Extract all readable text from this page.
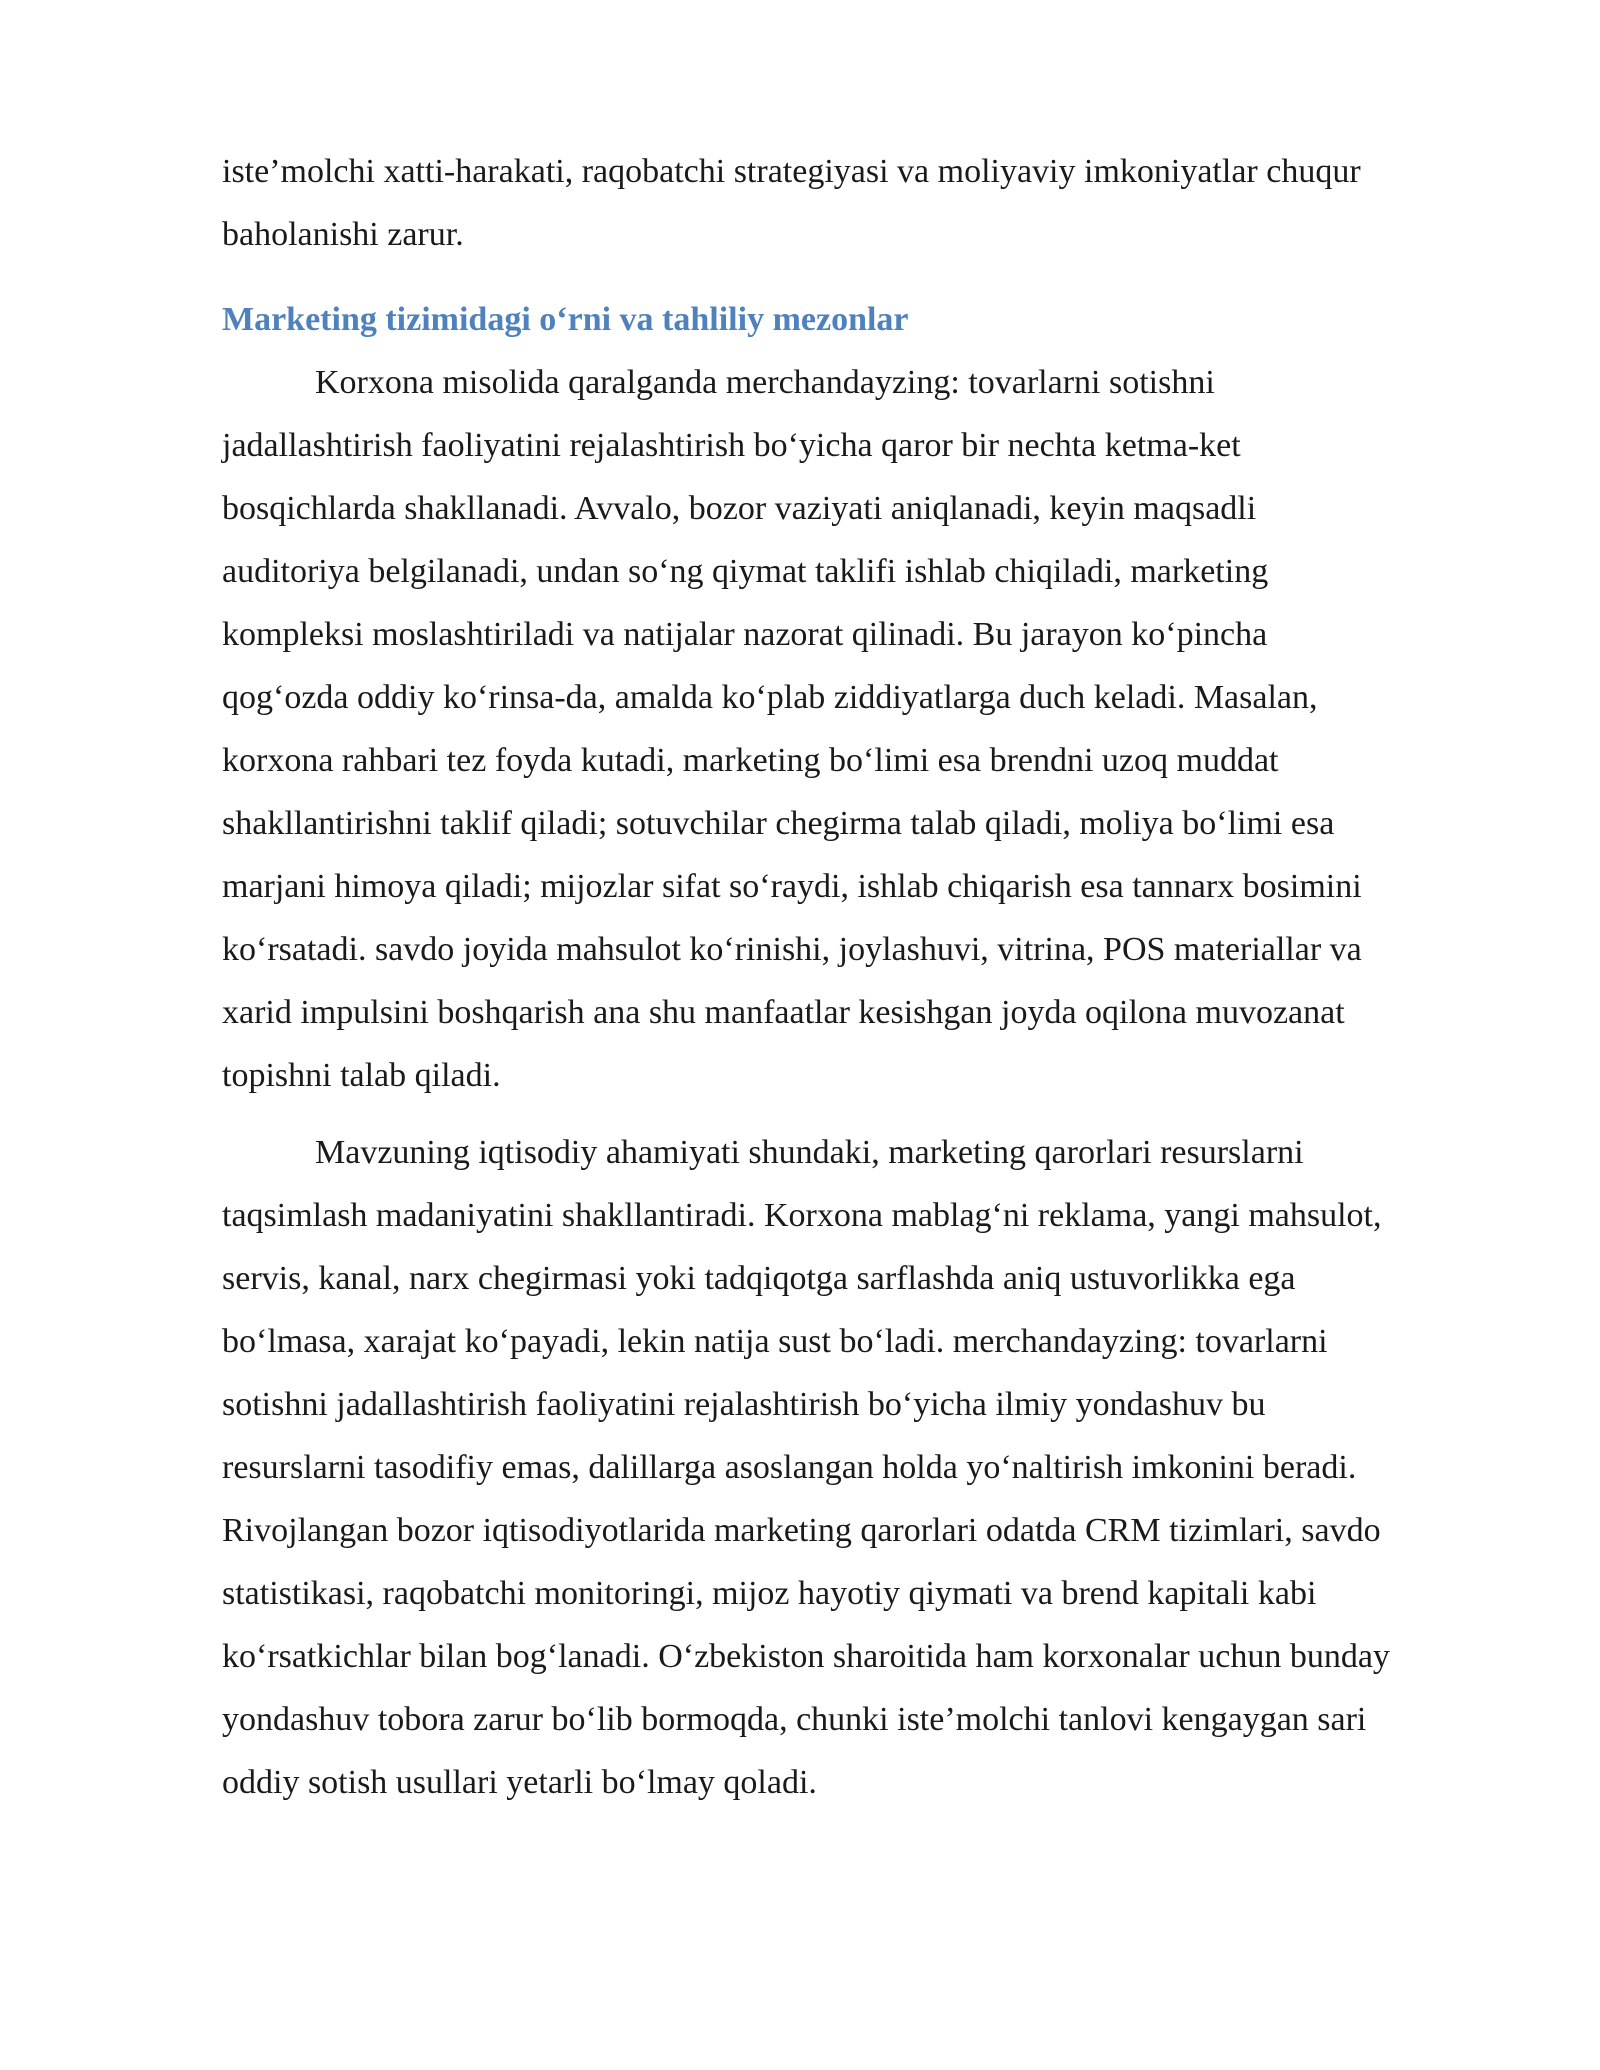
iste’molchi xatti-harakati, raqobatchi strategiyasi va moliyaviy imkoniyatlar chuqur
baholanishi zarur.

Marketing tizimidagi o‘rni va tahliliy mezonlar

Korxona misolida qaralganda merchandayzing: tovarlarni sotishni
jadallashtirish faoliyatini rejalashtirish bo‘yicha qaror bir nechta ketma-ket
bosqichlarda shakllanadi. Avvalo, bozor vaziyati aniqlanadi, keyin maqsadli
auditoriya belgilanadi, undan so‘ng qiymat taklifi ishlab chiqiladi, marketing
kompleksi moslashtiriladi va natijalar nazorat qilinadi. Bu jarayon ko‘pincha
qog‘ozda oddiy ko‘rinsa-da, amalda ko‘plab ziddiyatlarga duch keladi. Masalan,
korxona rahbari tez foyda kutadi, marketing bo‘limi esa brendni uzoq muddat
shakllantirishni taklif qiladi; sotuvchilar chegirma talab qiladi, moliya bo‘limi esa
marjani himoya qiladi; mijozlar sifat so‘raydi, ishlab chiqarish esa tannarx bosimini
ko‘rsatadi. savdo joyida mahsulot ko‘rinishi, joylashuvi, vitrina, POS materiallar va
xarid impulsini boshqarish ana shu manfaatlar kesishgan joyda oqilona muvozanat
topishni talab qiladi.

Mavzuning iqtisodiy ahamiyati shundaki, marketing qarorlari resurslarni
taqsimlash madaniyatini shakllantiradi. Korxona mablag‘ni reklama, yangi mahsulot,
servis, kanal, narx chegirmasi yoki tadqiqotga sarflashda aniq ustuvorlikka ega
bo‘lmasa, xarajat ko‘payadi, lekin natija sust bo‘ladi. merchandayzing: tovarlarni
sotishni jadallashtirish faoliyatini rejalashtirish bo‘yicha ilmiy yondashuv bu
resurslarni tasodifiy emas, dalillarga asoslangan holda yo‘naltirish imkonini beradi.
Rivojlangan bozor iqtisodiyotlarida marketing qarorlari odatda CRM tizimlari, savdo
statistikasi, raqobatchi monitoringi, mijoz hayotiy qiymati va brend kapitali kabi
ko‘rsatkichlar bilan bog‘lanadi. O‘zbekiston sharoitida ham korxonalar uchun bunday
yondashuv tobora zarur bo‘lib bormoqda, chunki iste’molchi tanlovi kengaygan sari
oddiy sotish usullari yetarli bo‘lmay qoladi.
